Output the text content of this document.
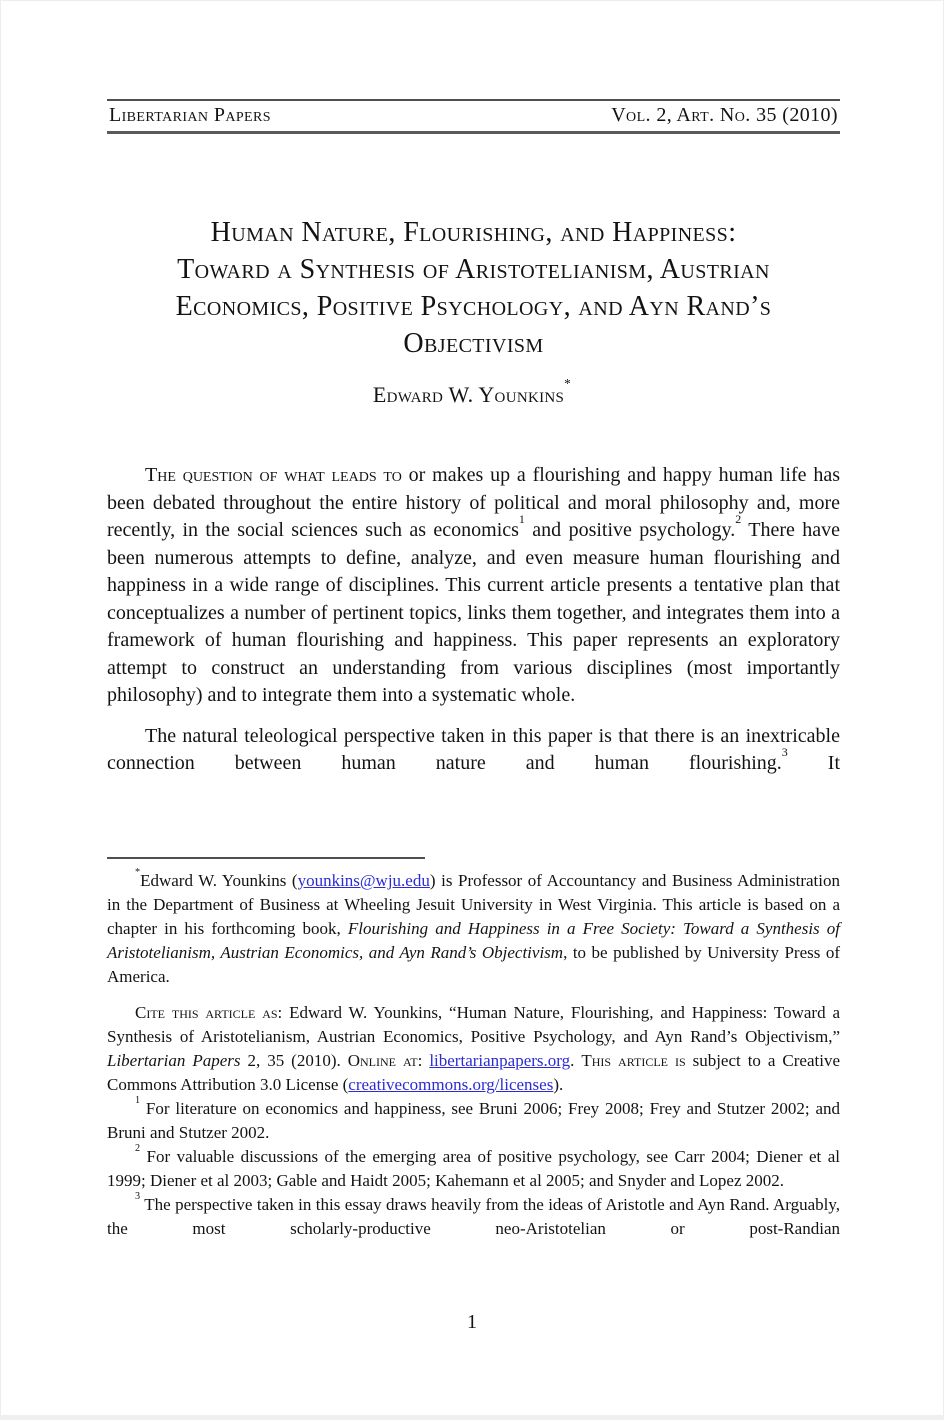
Libertarian Papers	Vol. 2, Art. No. 35 (2010)
Human Nature, Flourishing, and Happiness:
Toward a Synthesis of Aristotelianism, Austrian
Economics, Positive Psychology, and Ayn Rand’s
Objectivism
Edward W. Younkins*

The question of what leads to or makes up a flourishing and happy human life has been debated throughout the entire history of political and moral philosophy and, more recently, in the social sciences such as economics$^1$ and positive psychology.$^2$ There have been numerous attempts to define, analyze, and even measure human flourishing and happiness in a wide range of disciplines. This current article presents a tentative plan that conceptualizes a number of pertinent topics, links them together, and integrates them into a framework of human flourishing and happiness. This paper represents an exploratory attempt to construct an understanding from various disciplines (most importantly philosophy) and to integrate them into a systematic whole.

The natural teleological perspective taken in this paper is that there is an inextricable connection between human nature and human flourishing.$^3$ It

*Edward W. Younkins (younkins@wju.edu) is Professor of Accountancy and Business Administration in the Department of Business at Wheeling Jesuit University in West Virginia. This article is based on a chapter in his forthcoming book, Flourishing and Happiness in a Free Society: Toward a Synthesis of Aristotelianism, Austrian Economics, and Ayn Rand’s Objectivism, to be published by University Press of America.

Cite this article as: Edward W. Younkins, “Human Nature, Flourishing, and Happiness: Toward a Synthesis of Aristotelianism, Austrian Economics, Positive Psychology, and Ayn Rand’s Objectivism,” Libertarian Papers 2, 35 (2010). Online at: libertarianpapers.org. This article is subject to a Creative Commons Attribution 3.0 License (creativecommons.org/licenses).

$^1$ For literature on economics and happiness, see Bruni 2006; Frey 2008; Frey and Stutzer 2002; and Bruni and Stutzer 2002.

$^2$ For valuable discussions of the emerging area of positive psychology, see Carr 2004; Diener et al 1999; Diener et al 2003; Gable and Haidt 2005; Kahemann et al 2005; and Snyder and Lopez 2002.

$^3$ The perspective taken in this essay draws heavily from the ideas of Aristotle and Ayn Rand. Arguably, the most scholarly-productive neo-Aristotelian or post-Randian

1
